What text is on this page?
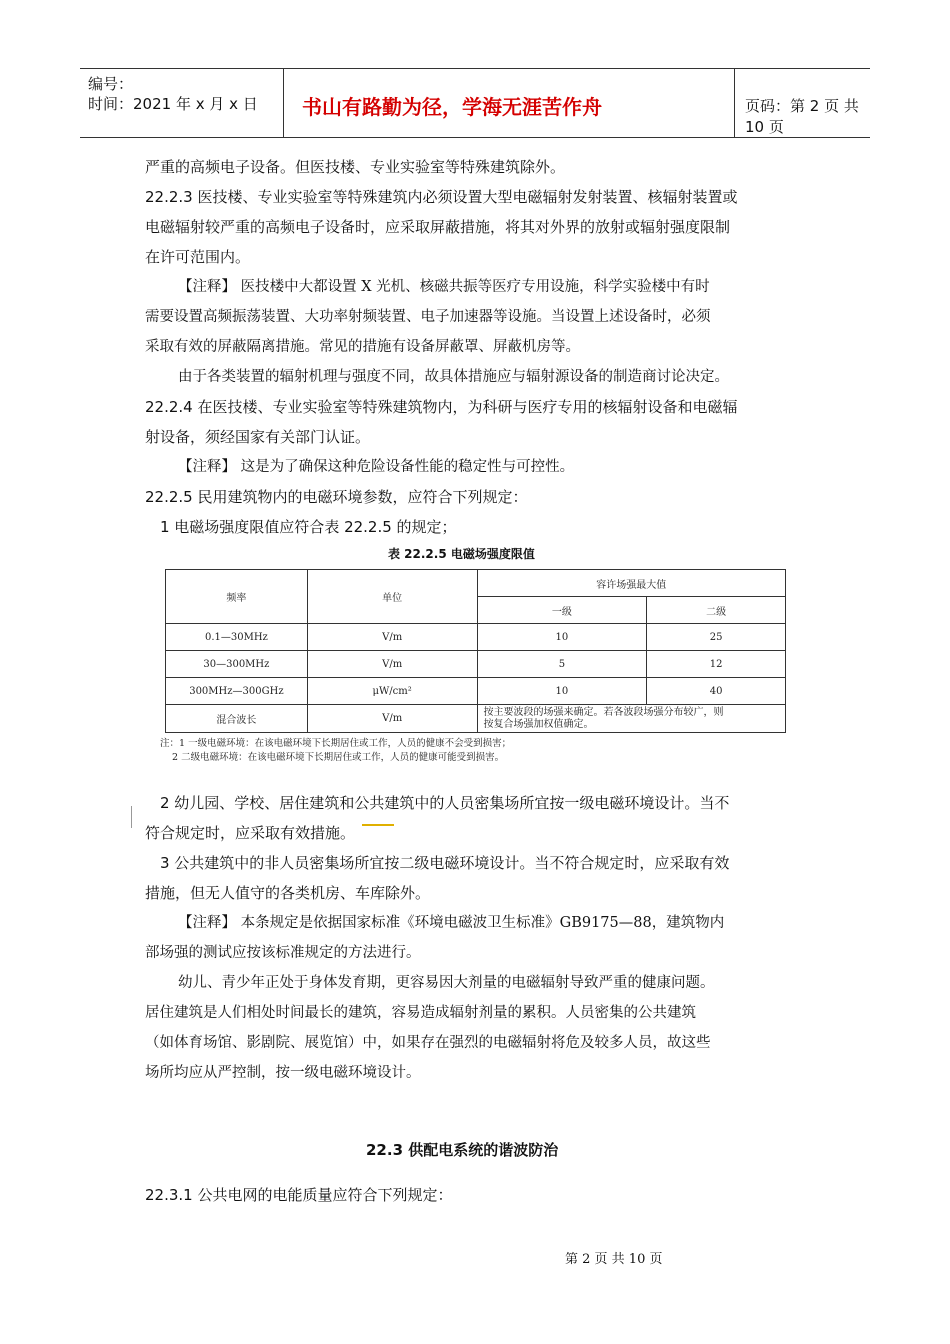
编号：
时间：2021 年 x 月 x 日 书山有路勤为径，学海无涯苦作舟	页码：第 2 页 共 10 页
严重的高频电子设备。但医技楼、专业实验室等特殊建筑除外。
22.2.3 医技楼、专业实验室等特殊建筑内必须设置大型电磁辐射发射装置、核辐射装置或
电磁辐射较严重的高频电子设备时，应采取屏蔽措施，将其对外界的放射或辐射强度限制
在许可范围内。
【注释】 医技楼中大都设置 X 光机、核磁共振等医疗专用设施，科学实验楼中有时
需要设置高频振荡装置、大功率射频装置、电子加速器等设施。当设置上述设备时，必须
采取有效的屏蔽隔离措施。常见的措施有设备屏蔽罩、屏蔽机房等。
由于各类装置的辐射机理与强度不同，故具体措施应与辐射源设备的制造商讨论决定。
22.2.4 在医技楼、专业实验室等特殊建筑物内，为科研与医疗专用的核辐射设备和电磁辐
射设备，须经国家有关部门认证。
【注释】 这是为了确保这种危险设备性能的稳定性与可控性。
22.2.5 民用建筑物内的电磁环境参数，应符合下列规定：
1 电磁场强度限值应符合表 22.2.5 的规定；
表 22.2.5 电磁场强度限值
频率	单位	容许场强最大值	
		一级	二级
0.1—30MHz	V/m	10	25
30—300MHz	V/m	5	12
300MHz—300GHz	μW/cm²	10	40
混合波长	V/m	按主要波段的场强来确定。若各波段场强分布较广，则
按复合场强加权值确定。	
注：1 一级电磁环境：在该电磁环境下长期居住或工作，人员的健康不会受到损害；
2 二级电磁环境：在该电磁环境下长期居住或工作，人员的健康可能受到损害。
2 幼儿园、学校、居住建筑和公共建筑中的人员密集场所宜按一级电磁环境设计。当不
符合规定时，应采取有效措施。
3 公共建筑中的非人员密集场所宜按二级电磁环境设计。当不符合规定时，应采取有效
措施，但无人值守的各类机房、车库除外。
【注释】 本条规定是依据国家标准《环境电磁波卫生标准》GB9175—88，建筑物内
部场强的测试应按该标准规定的方法进行。
幼儿、青少年正处于身体发育期，更容易因大剂量的电磁辐射导致严重的健康问题。
居住建筑是人们相处时间最长的建筑，容易造成辐射剂量的累积。人员密集的公共建筑
（如体育场馆、影剧院、展览馆）中，如果存在强烈的电磁辐射将危及较多人员，故这些
场所均应从严控制，按一级电磁环境设计。
22.3 供配电系统的谐波防治
22.3.1 公共电网的电能质量应符合下列规定：
第 2 页 共 10 页
